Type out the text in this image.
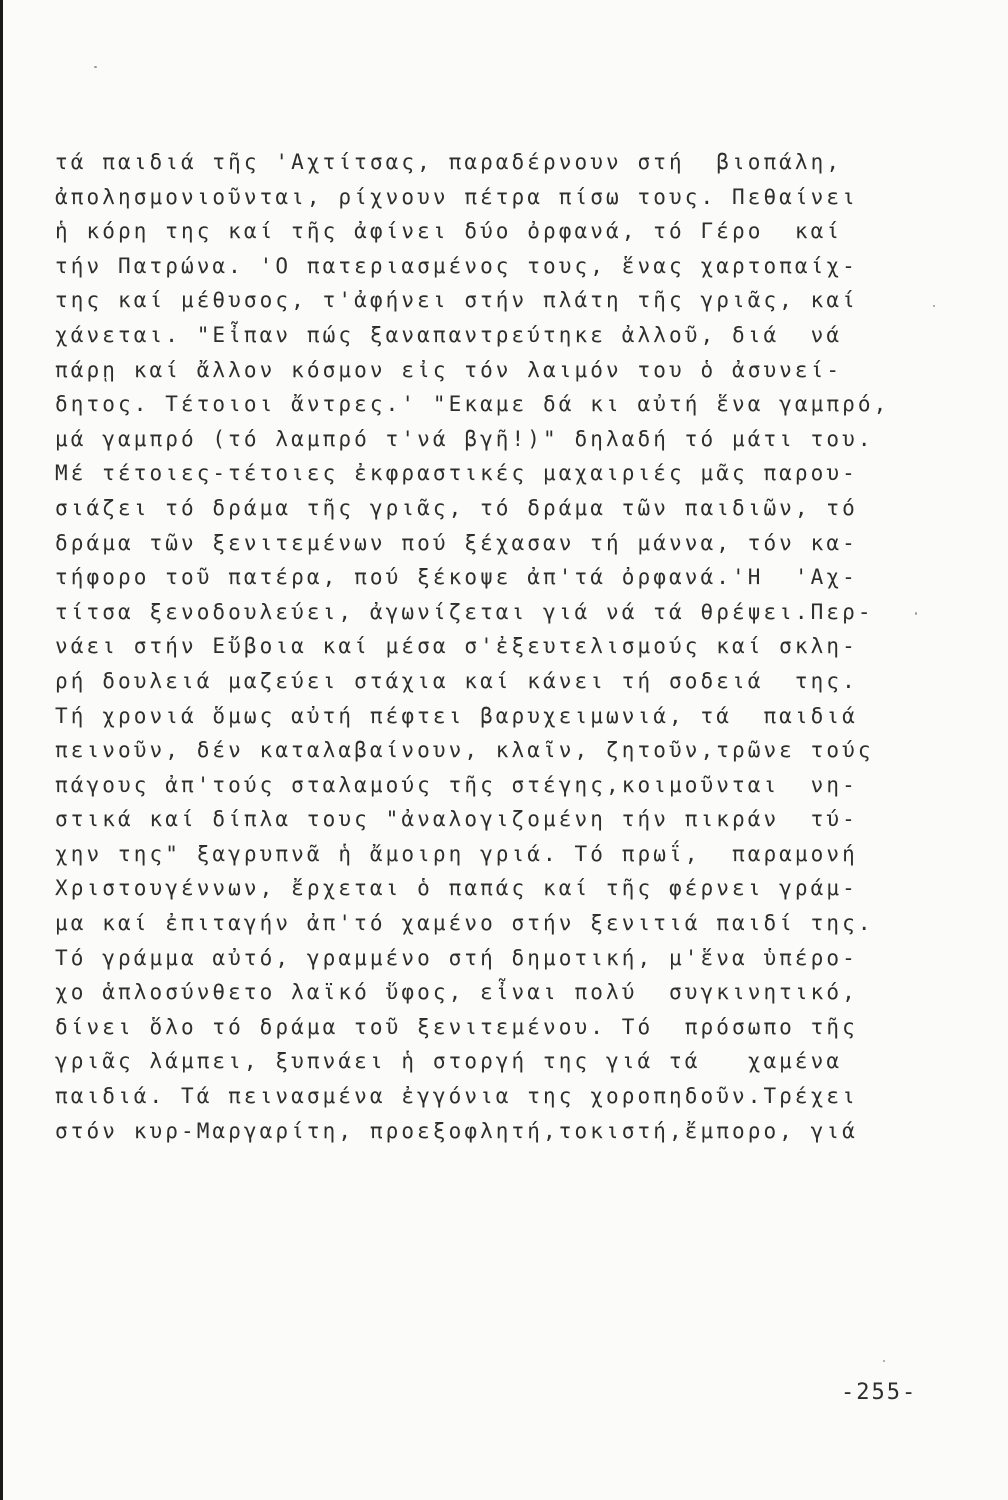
τά παιδιά τῆς 'Αχτίτσας, παραδέρνουν στή  βιοπάλη,
ἀπολησμονιοῦνται, ρίχνουν πέτρα πίσω τους. Πεθαίνει
ἡ κόρη της καί τῆς ἀφίνει δύο ὀρφανά, τό Γέρο  καί
τήν Πατρώνα. 'Ο πατεριασμένος τους, ἕνας χαρτοπαίχ-
της καί μέθυσος, τ'ἀφήνει στήν πλάτη τῆς γριᾶς, καί
χάνεται. "Εἶπαν πώς ξαναπαντρεύτηκε ἀλλοῦ, διά  νά
πάρῃ καί ἄλλον κόσμον εἰς τόν λαιμόν του ὁ ἀσυνεί-
δητος. Τέτοιοι ἄντρες.' "Εκαμε δά κι αὐτή ἕνα γαμπρό,
μά γαμπρό (τό λαμπρό τ'νά βγῆ!)" δηλαδή τό μάτι του.
Μέ τέτοιες-τέτοιες ἐκφραστικές μαχαιριές μᾶς παρου-
σιάζει τό δράμα τῆς γριᾶς, τό δράμα τῶν παιδιῶν, τό
δράμα τῶν ξενιτεμένων πού ξέχασαν τή μάννα, τόν κα-
τήφορο τοῦ πατέρα, πού ξέκοψε ἀπ'τά ὀρφανά.'Η  'Αχ-
τίτσα ξενοδουλεύει, ἀγωνίζεται γιά νά τά θρέψει.Περ-
νάει στήν Εὔβοια καί μέσα σ'ἐξευτελισμούς καί σκλη-
ρή δουλειά μαζεύει στάχια καί κάνει τή σοδειά  της.
Τή χρονιά ὅμως αὐτή πέφτει βαρυχειμωνιά, τά  παιδιά
πεινοῦν, δέν καταλαβαίνουν, κλαῖν, ζητοῦν,τρῶνε τούς
πάγους ἀπ'τούς σταλαμούς τῆς στέγης,κοιμοῦνται  νη-
στικά καί δίπλα τους "ἀναλογιζομένη τήν πικράν  τύ-
χην της" ξαγρυπνᾶ ἡ ἄμοιρη γριά. Τό πρωΐ,  παραμονή
Χριστουγέννων, ἔρχεται ὁ παπάς καί τῆς φέρνει γράμ-
μα καί ἐπιταγήν ἀπ'τό χαμένο στήν ξενιτιά παιδί της.
Τό γράμμα αὐτό, γραμμένο στή δημοτική, μ'ἕνα ὑπέρο-
χο ἁπλοσύνθετο λαϊκό ὕφος, εἶναι πολύ  συγκινητικό,
δίνει ὅλο τό δράμα τοῦ ξενιτεμένου. Τό  πρόσωπο τῆς
γριᾶς λάμπει, ξυπνάει ἡ στοργή της γιά τά   χαμένα
παιδιά. Τά πεινασμένα ἐγγόνια της χοροπηδοῦν.Τρέχει
στόν κυρ-Μαργαρίτη, προεξοφλητή,τοκιστή,ἔμπορο, γιά
-255-
